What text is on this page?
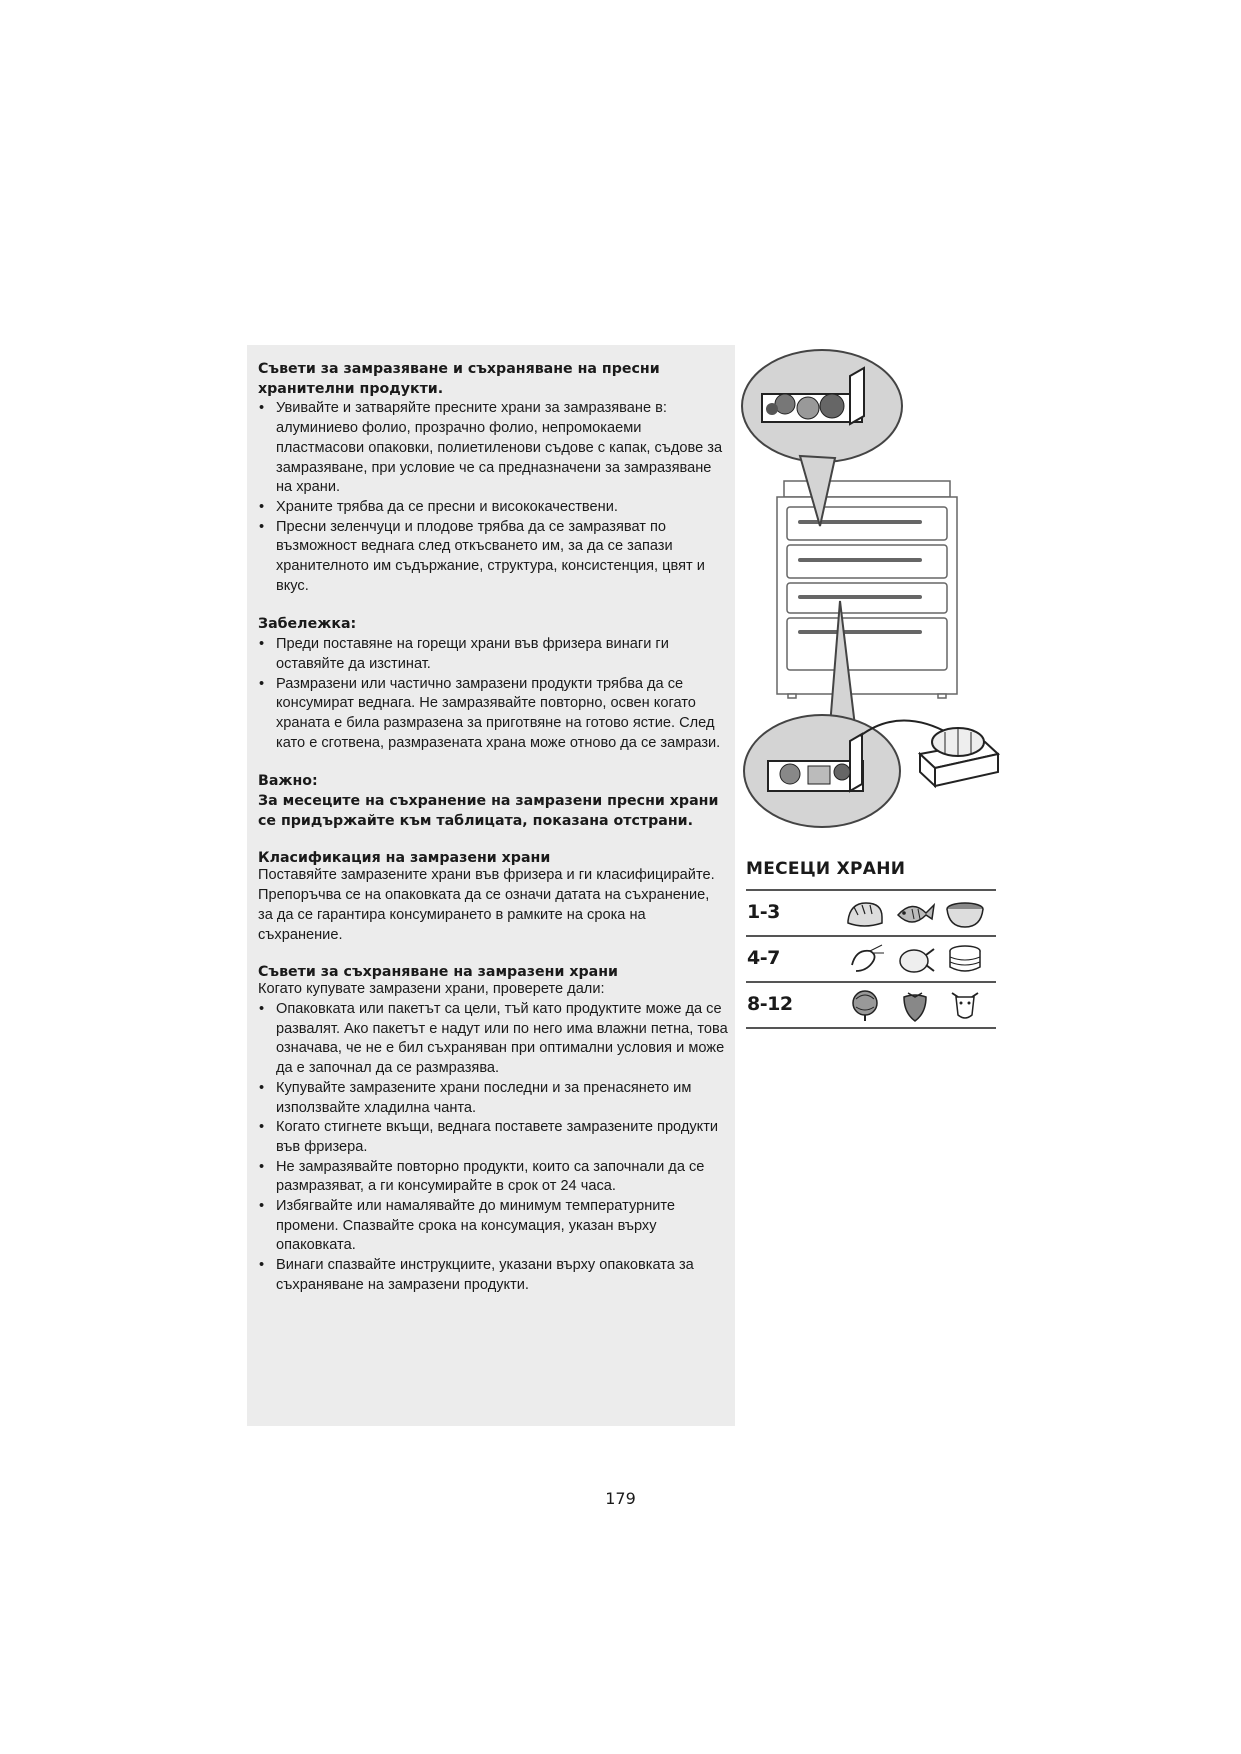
Съвети за замразяване и съхраняване на пресни хранителни продукти.
• Увивайте и затваряйте пресните храни за замразяване в: алуминиево фолио, прозрачно фолио, непромокаеми пластмасови опаковки, полиетиленови съдове с капак, съдове за замразяване, при условие че са предназначени за замразяване на храни.
• Храните трябва да се пресни и висококачествени.
• Пресни зеленчуци и плодове трябва да се замразяват по възможност веднага след откъсването им, за да се запази хранителното им съдържание, структура, консистенция, цвят и вкус.
Забележка:
• Преди поставяне на горещи храни във фризера винаги ги оставяйте да изстинат.
• Размразени или частично замразени продукти трябва да се консумират веднага. Не замразявайте повторно, освен когато храната е била размразена за приготвяне на готово ястие. След като е сготвена, размразената храна може отново да се замрази.
Важно:
За месеците на съхранение на замразени пресни храни се придържайте към таблицата, показана отстрани.
Класификация на замразени храни

Поставяйте замразените храни във фризера и ги класифицирайте.

Препоръчва се на опаковката да се означи датата на съхранение, за да се гарантира консумирането в рамките на срока на съхранение.

Съвети за съхраняване на замразени храни

Когато купувате замразени храни, проверете дали:

• Опаковката или пакетът са цели, тъй като продуктите може да се развалят. Ако пакетът е надут или по него има влажни петна, това означава, че не е бил съхраняван при оптимални условия и може да е започнал да се размразява.
• Купувайте замразените храни последни и за пренасянето им използвайте хладилна чанта.
• Когато стигнете вкъщи, веднага поставете замразените продукти във фризера.
• Не замразявайте повторно продукти, които са започнали да се размразяват, а ги консумирайте в срок от 24 часа.
• Избягвайте или намалявайте до минимум температурните промени. Спазвайте срока на консумация, указан върху опаковката.
• Винаги спазвайте инструкциите, указани върху опаковката за съхраняване на замразени продукти.
МЕСЕЦИ ХРАНИ
1-3
4-7
8-12
179
